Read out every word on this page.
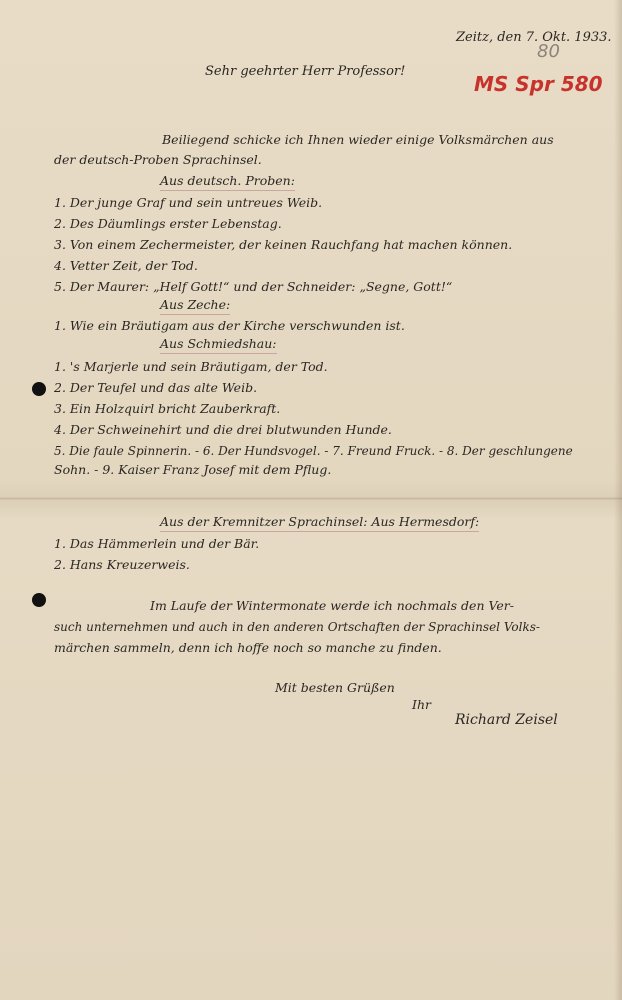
Zeitz, den 7. Okt. 1933.
80
MS Spr 580
Sehr geehrter Herr Professor!
Beiliegend schicke ich Ihnen wieder einige Volksmärchen aus
der deutsch-Proben Sprachinsel.
Aus deutsch. Proben:
1. Der junge Graf und sein untreues Weib.
2. Des Däumlings erster Lebenstag.
3. Von einem Zechermeister, der keinen Rauchfang hat machen können.
4. Vetter Zeit, der Tod.
5. Der Maurer: „Helf Gott!“ und der Schneider: „Segne, Gott!“
Aus Zeche:
1. Wie ein Bräutigam aus der Kirche verschwunden ist.
Aus Schmiedshau:
1. 's Marjerle und sein Bräutigam, der Tod.
2. Der Teufel und das alte Weib.
3. Ein Holzquirl bricht Zauberkraft.
4. Der Schweinehirt und die drei blutwunden Hunde.
5. Die faule Spinnerin. - 6. Der Hundsvogel. - 7. Freund Fruck. - 8. Der geschlungene
Sohn. - 9. Kaiser Franz Josef mit dem Pflug.
Aus der Kremnitzer Sprachinsel: Aus Hermesdorf:
1. Das Hämmerlein und der Bär.
2. Hans Kreuzerweis.
Im Laufe der Wintermonate werde ich nochmals den Ver-
such unternehmen und auch in den anderen Ortschaften der Sprachinsel Volks-
märchen sammeln, denn ich hoffe noch so manche zu finden.
Mit besten Grüßen
Ihr
Richard Zeisel
